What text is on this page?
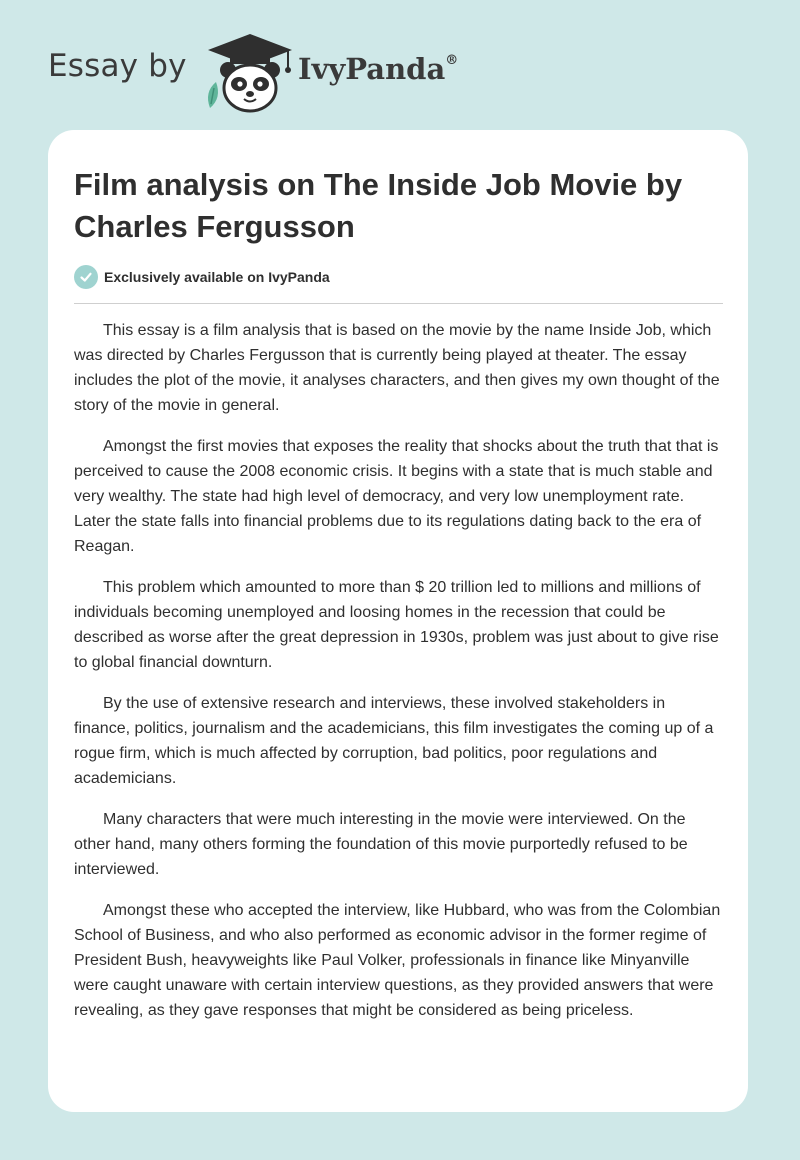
Essay by	IvyPanda®
Film analysis on The Inside Job Movie by Charles Fergusson
Exclusively available on IvyPanda

This essay is a film analysis that is based on the movie by the name Inside Job, which was directed by Charles Fergusson that is currently being played at theater. The essay includes the plot of the movie, it analyses characters, and then gives my own thought of the story of the movie in general.

Amongst the first movies that exposes the reality that shocks about the truth that that is perceived to cause the 2008 economic crisis. It begins with a state that is much stable and very wealthy. The state had high level of democracy, and very low unemployment rate. Later the state falls into financial problems due to its regulations dating back to the era of Reagan.

This problem which amounted to more than $ 20 trillion led to millions and millions of individuals becoming unemployed and loosing homes in the recession that could be described as worse after the great depression in 1930s, problem was just about to give rise to global financial downturn.

By the use of extensive research and interviews, these involved stakeholders in finance, politics, journalism and the academicians, this film investigates the coming up of a rogue firm, which is much affected by corruption, bad politics, poor regulations and academicians.

Many characters that were much interesting in the movie were interviewed. On the other hand, many others forming the foundation of this movie purportedly refused to be interviewed.

Amongst these who accepted the interview, like Hubbard, who was from the Colombian School of Business, and who also performed as economic advisor in the former regime of President Bush, heavyweights like Paul Volker, professionals in finance like Minyanville were caught unaware with certain interview questions, as they provided answers that were revealing, as they gave responses that might be considered as being priceless.
